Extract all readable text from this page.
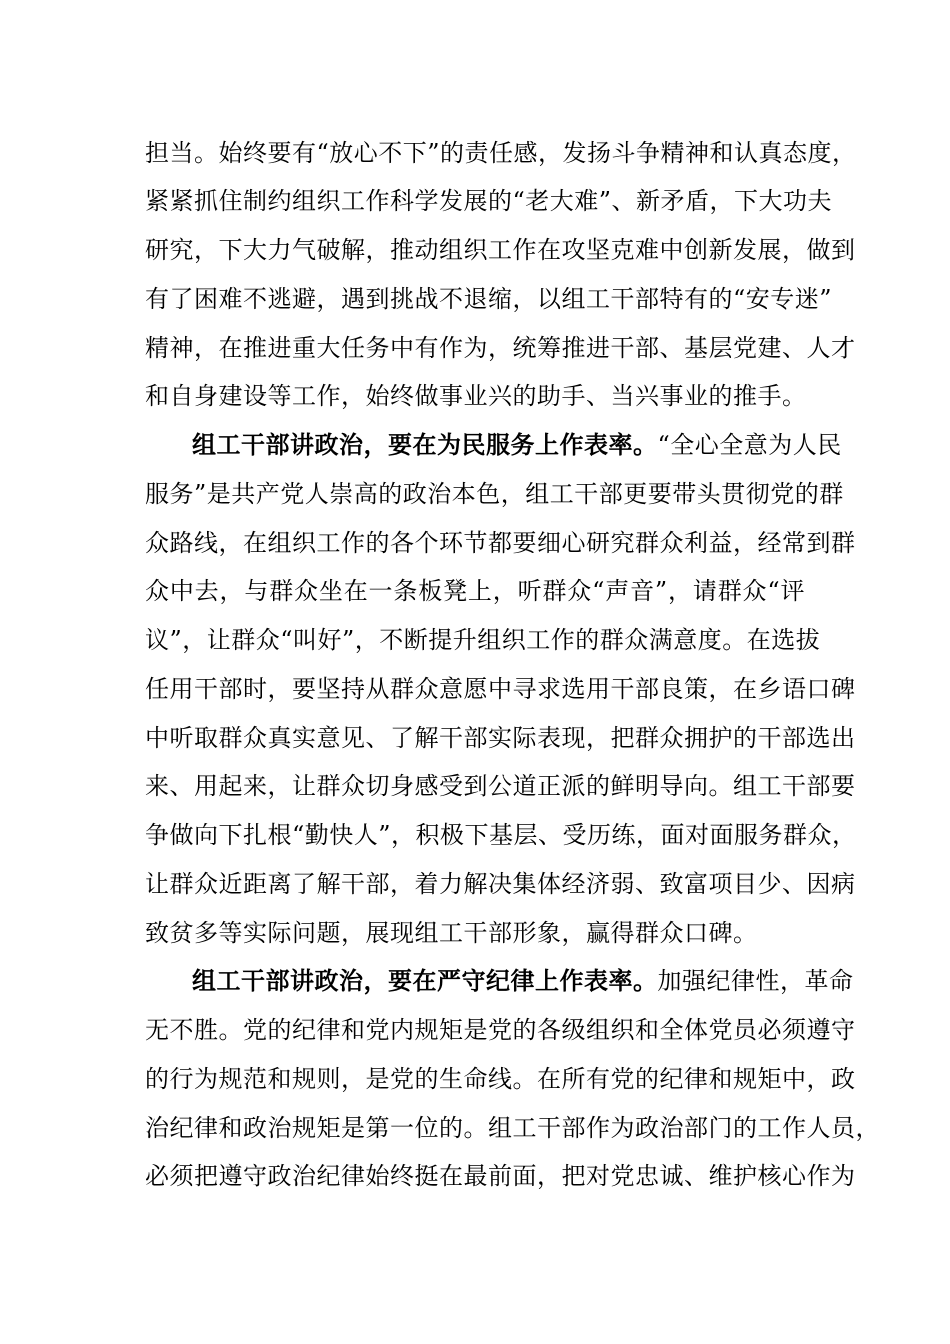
担当。始终要有“放心不下”的责任感，发扬斗争精神和认真态度，
紧紧抓住制约组织工作科学发展的“老大难”、新矛盾，下大功夫
研究，下大力气破解，推动组织工作在攻坚克难中创新发展，做到
有了困难不逃避，遇到挑战不退缩，以组工干部特有的“安专迷”
精神，在推进重大任务中有作为，统筹推进干部、基层党建、人才
和自身建设等工作，始终做事业兴的助手、当兴事业的推手。
组工干部讲政治，要在为民服务上作表率。“全心全意为人民
服务”是共产党人崇高的政治本色，组工干部更要带头贯彻党的群
众路线，在组织工作的各个环节都要细心研究群众利益，经常到群
众中去，与群众坐在一条板凳上，听群众“声音”，请群众“评
议”，让群众“叫好”，不断提升组织工作的群众满意度。在选拔
任用干部时，要坚持从群众意愿中寻求选用干部良策，在乡语口碑
中听取群众真实意见、了解干部实际表现，把群众拥护的干部选出
来、用起来，让群众切身感受到公道正派的鲜明导向。组工干部要
争做向下扎根“勤快人”，积极下基层、受历练，面对面服务群众，
让群众近距离了解干部，着力解决集体经济弱、致富项目少、因病
致贫多等实际问题，展现组工干部形象，赢得群众口碑。
组工干部讲政治，要在严守纪律上作表率。加强纪律性，革命
无不胜。党的纪律和党内规矩是党的各级组织和全体党员必须遵守
的行为规范和规则，是党的生命线。在所有党的纪律和规矩中，政
治纪律和政治规矩是第一位的。组工干部作为政治部门的工作人员，
必须把遵守政治纪律始终挺在最前面，把对党忠诚、维护核心作为
